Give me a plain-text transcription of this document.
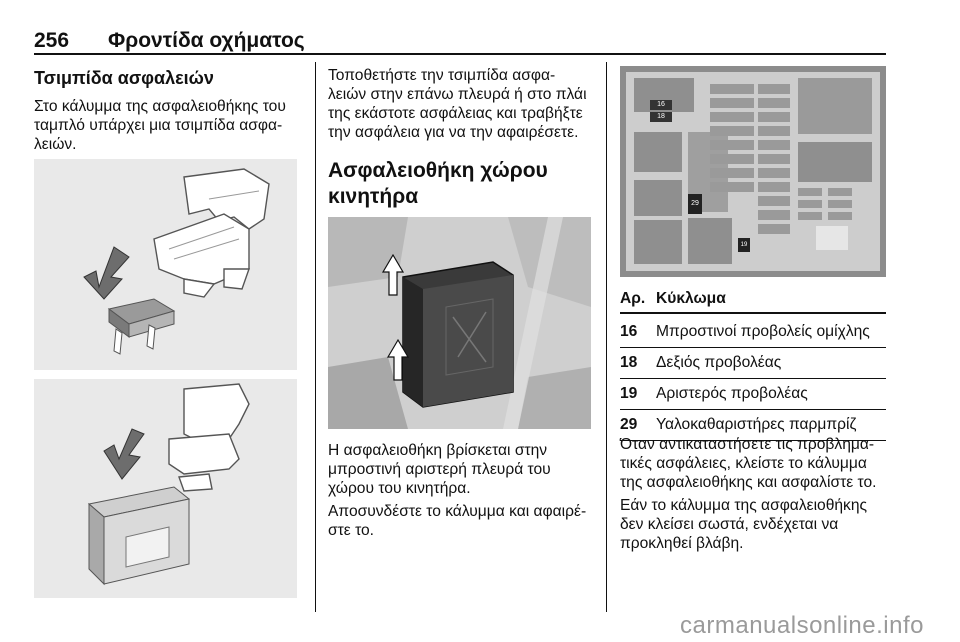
256 Φροντίδα οχήματος
Τσιμπίδα ασφαλειών
Στο κάλυμμα της ασφαλειοθήκης του
ταμπλό υπάρχει μια τσιμπίδα ασφα-
λειών.
Τοποθετήστε την τσιμπίδα ασφα-
λειών στην επάνω πλευρά ή στο πλάι
της εκάστοτε ασφάλειας και τραβήξτε
την ασφάλεια για να την αφαιρέσετε.
Ασφαλειοθήκη χώρου
κινητήρα
Η ασφαλειοθήκη βρίσκεται στην
μπροστινή αριστερή πλευρά του
χώρου του κινητήρα.
Αποσυνδέστε το κάλυμμα και αφαιρέ-
στε το.
16
18
29
19
Αρ.	Κύκλωμα
16	Μπροστινοί προβολείς ομίχλης
18	Δεξιός προβολέας
19	Αριστερός προβολέας
29	Υαλοκαθαριστήρες παρμπρίζ
Όταν αντικαταστήσετε τις προβλημα-
τικές ασφάλειες, κλείστε το κάλυμμα
της ασφαλειοθήκης και ασφαλίστε το.
Εάν το κάλυμμα της ασφαλειοθήκης
δεν κλείσει σωστά, ενδέχεται να
προκληθεί βλάβη.
carmanualsonline.info
